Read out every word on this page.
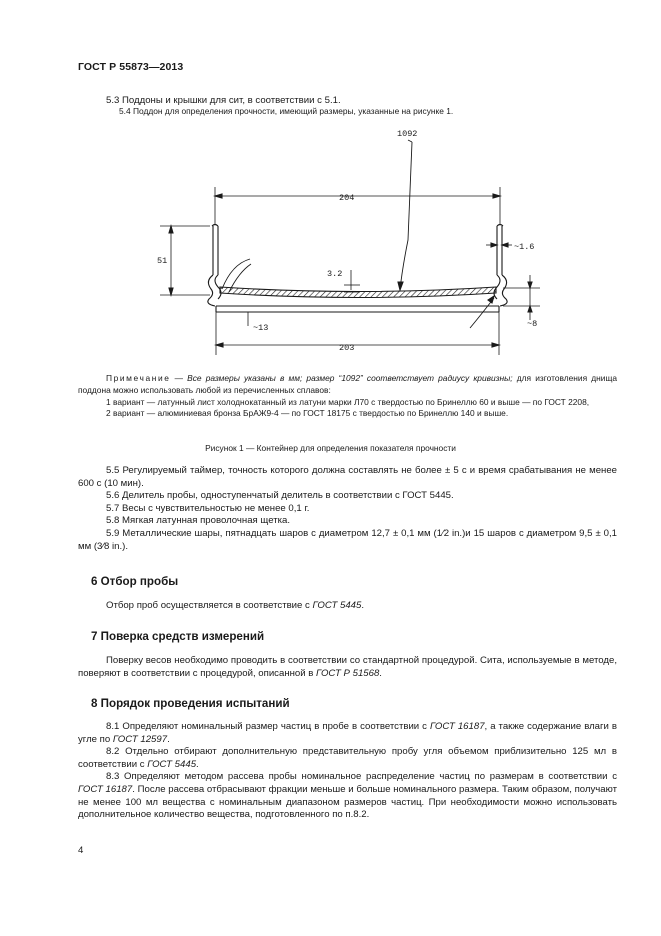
ГОСТ Р 55873—2013

5.3 Поддоны и крышки для сит, в соответствии с 5.1.

5.4 Поддон для определения прочности, имеющий размеры, указанные на рисунке 1.

1092
204
51
~1.6
3.2
~8
~13
203

Примечание — Все размеры указаны в мм; размер “1092” соответствует радиусу кривизны; для изготовления днища поддона можно использовать любой из перечисленных сплавов:

1 вариант — латунный лист холоднокатанный из латуни марки Л70 с твердостью по Бринеллю 60 и выше — по ГОСТ 2208,

2 вариант — алюминиевая бронза БрАЖ9-4 — по ГОСТ 18175 с твердостью по Бринеллю 140 и выше.

Рисунок 1 — Контейнер для определения показателя прочности

5.5 Регулируемый таймер, точность которого должна составлять не более ± 5 с и время срабатывания не менее 600 с (10 мин).

5.6 Делитель пробы, одноступенчатый делитель в соответствии с ГОСТ 5445.

5.7 Весы с чувствительностью не менее 0,1 г.

5.8 Мягкая латунная проволочная щетка.

5.9 Металлические шары, пятнадцать шаров с диаметром 12,7 ± 0,1 мм (1⁄2 in.)и 15 шаров с диаметром 9,5 ± 0,1 мм (3⁄8 in.).

6 Отбор пробы

Отбор проб осуществляется в соответствие с ГОСТ 5445.

7 Поверка средств измерений

Поверку весов необходимо проводить в соответствии со стандартной процедурой. Сита, используемые в методе, поверяют в соответствии с процедурой, описанной в ГОСТ Р 51568.

8 Порядок проведения испытаний

8.1 Определяют номинальный размер частиц в пробе в соответствии с ГОСТ 16187, а также содержание влаги в угле по ГОСТ 12597.

8.2 Отдельно отбирают дополнительную представительную пробу угля объемом приблизительно 125 мл в соответствии с ГОСТ 5445.

8.3 Определяют методом рассева пробы номинальное распределение частиц по размерам в соответствии с ГОСТ 16187. После рассева отбрасывают фракции меньше и больше номинального размера. Таким образом, получают не менее 100 мл вещества с номинальным диапазоном размеров частиц. При необходимости можно использовать дополнительное количество вещества, подготовленного по п.8.2.

4
